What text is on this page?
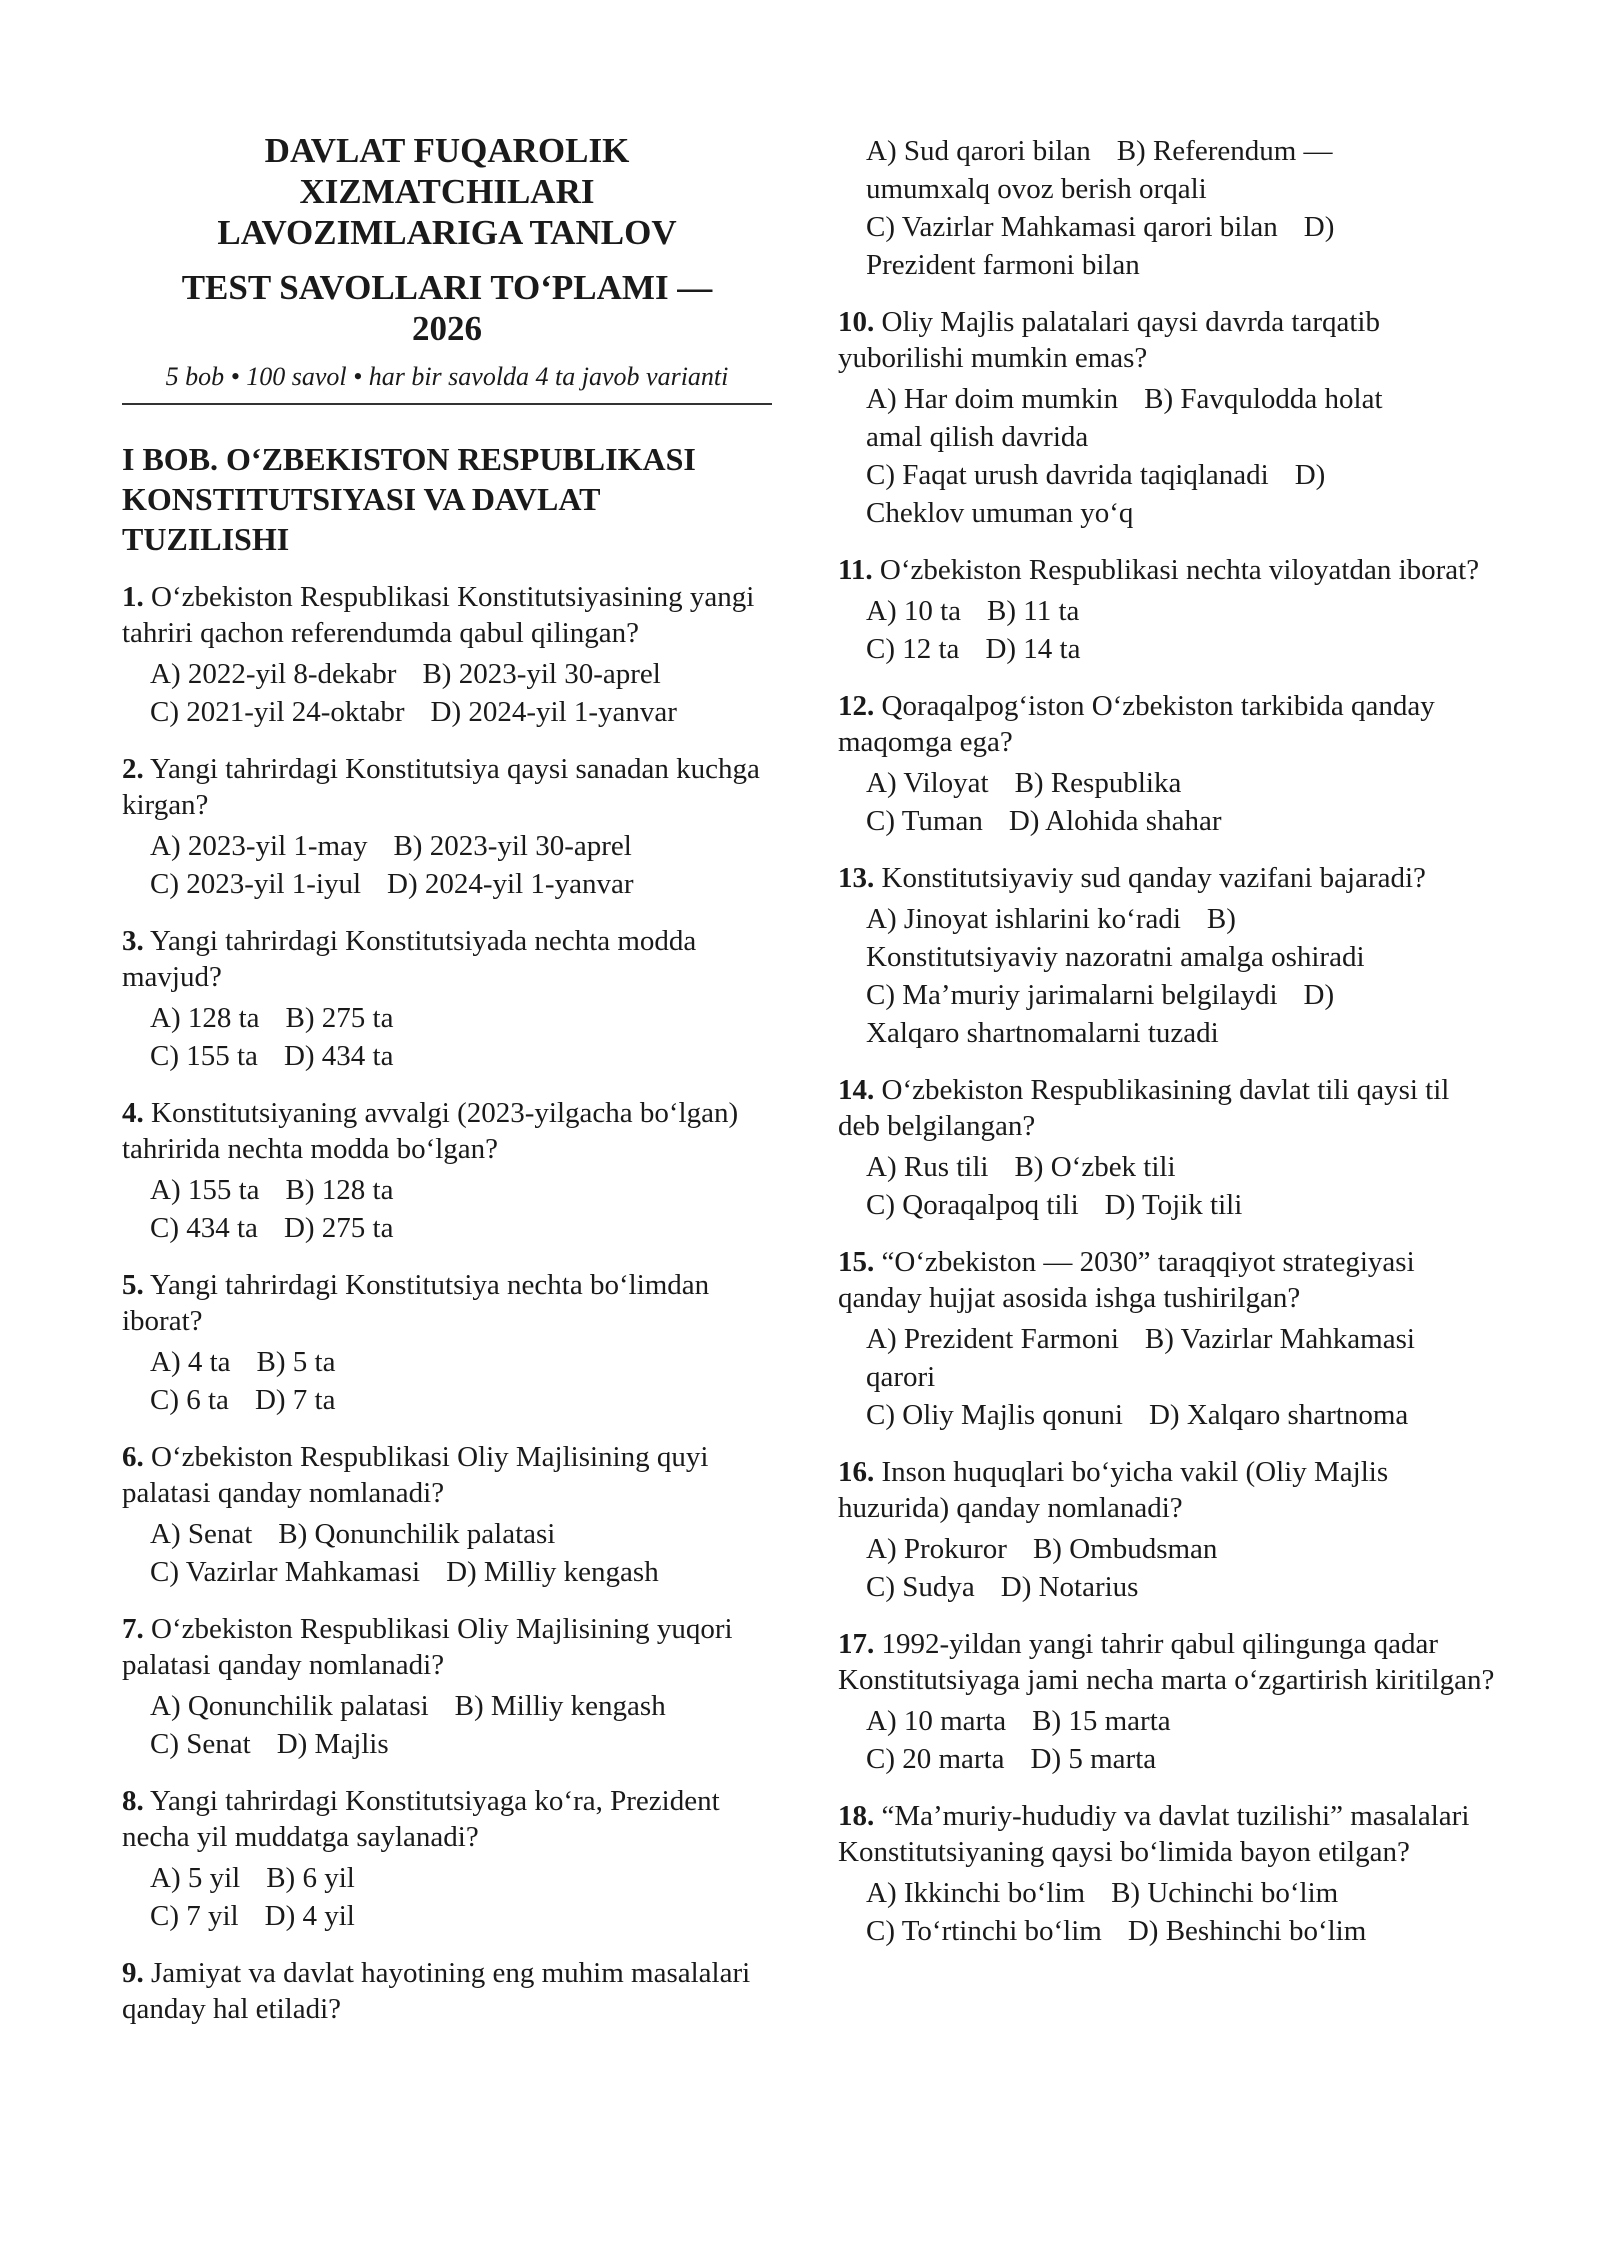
DAVLAT FUQAROLIK
XIZMATCHILARI
LAVOZIMLARIGA TANLOV
TEST SAVOLLARI TO‘PLAMI —
2026
5 bob • 100 savol • har bir savolda 4 ta javob varianti
I BOB. O‘ZBEKISTON RESPUBLIKASI KONSTITUTSIYASI VA DAVLAT TUZILISHI
1. O‘zbekiston Respublikasi Konstitutsiyasining yangi tahriri qachon referendumda qabul qilingan?
A) 2022-yil 8-dekabr B) 2023-yil 30-aprel
C) 2021-yil 24-oktabr D) 2024-yil 1-yanvar
2. Yangi tahrirdagi Konstitutsiya qaysi sanadan kuchga kirgan?
A) 2023-yil 1-may B) 2023-yil 30-aprel
C) 2023-yil 1-iyul D) 2024-yil 1-yanvar
3. Yangi tahrirdagi Konstitutsiyada nechta modda mavjud?
A) 128 ta B) 275 ta
C) 155 ta D) 434 ta
4. Konstitutsiyaning avvalgi (2023-yilgacha bo‘lgan) tahririda nechta modda bo‘lgan?
A) 155 ta B) 128 ta
C) 434 ta D) 275 ta
5. Yangi tahrirdagi Konstitutsiya nechta bo‘limdan iborat?
A) 4 ta B) 5 ta
C) 6 ta D) 7 ta
6. O‘zbekiston Respublikasi Oliy Majlisining quyi palatasi qanday nomlanadi?
A) Senat B) Qonunchilik palatasi
C) Vazirlar Mahkamasi D) Milliy kengash
7. O‘zbekiston Respublikasi Oliy Majlisining yuqori palatasi qanday nomlanadi?
A) Qonunchilik palatasi B) Milliy kengash
C) Senat D) Majlis
8. Yangi tahrirdagi Konstitutsiyaga ko‘ra, Prezident necha yil muddatga saylanadi?
A) 5 yil B) 6 yil
C) 7 yil D) 4 yil
9. Jamiyat va davlat hayotining eng muhim masalalari qanday hal etiladi?
A) Sud qarori bilan B) Referendum —
umumxalq ovoz berish orqali
C) Vazirlar Mahkamasi qarori bilan D)
Prezident farmoni bilan
10. Oliy Majlis palatalari qaysi davrda tarqatib yuborilishi mumkin emas?
A) Har doim mumkin B) Favqulodda holat
amal qilish davrida
C) Faqat urush davrida taqiqlanadi D)
Cheklov umuman yo‘q
11. O‘zbekiston Respublikasi nechta viloyatdan iborat?
A) 10 ta B) 11 ta
C) 12 ta D) 14 ta
12. Qoraqalpog‘iston O‘zbekiston tarkibida qanday maqomga ega?
A) Viloyat B) Respublika
C) Tuman D) Alohida shahar
13. Konstitutsiyaviy sud qanday vazifani bajaradi?
A) Jinoyat ishlarini ko‘radi B)
Konstitutsiyaviy nazoratni amalga oshiradi
C) Ma’muriy jarimalarni belgilaydi D)
Xalqaro shartnomalarni tuzadi
14. O‘zbekiston Respublikasining davlat tili qaysi til deb belgilangan?
A) Rus tili B) O‘zbek tili
C) Qoraqalpoq tili D) Tojik tili
15. “O‘zbekiston — 2030” taraqqiyot strategiyasi qanday hujjat asosida ishga tushirilgan?
A) Prezident Farmoni B) Vazirlar Mahkamasi
qarori
C) Oliy Majlis qonuni D) Xalqaro shartnoma
16. Inson huquqlari bo‘yicha vakil (Oliy Majlis huzurida) qanday nomlanadi?
A) Prokuror B) Ombudsman
C) Sudya D) Notarius
17. 1992-yildan yangi tahrir qabul qilingunga qadar Konstitutsiyaga jami necha marta o‘zgartirish kiritilgan?
A) 10 marta B) 15 marta
C) 20 marta D) 5 marta
18. “Ma’muriy-hududiy va davlat tuzilishi” masalalari Konstitutsiyaning qaysi bo‘limida bayon etilgan?
A) Ikkinchi bo‘lim B) Uchinchi bo‘lim
C) To‘rtinchi bo‘lim D) Beshinchi bo‘lim
